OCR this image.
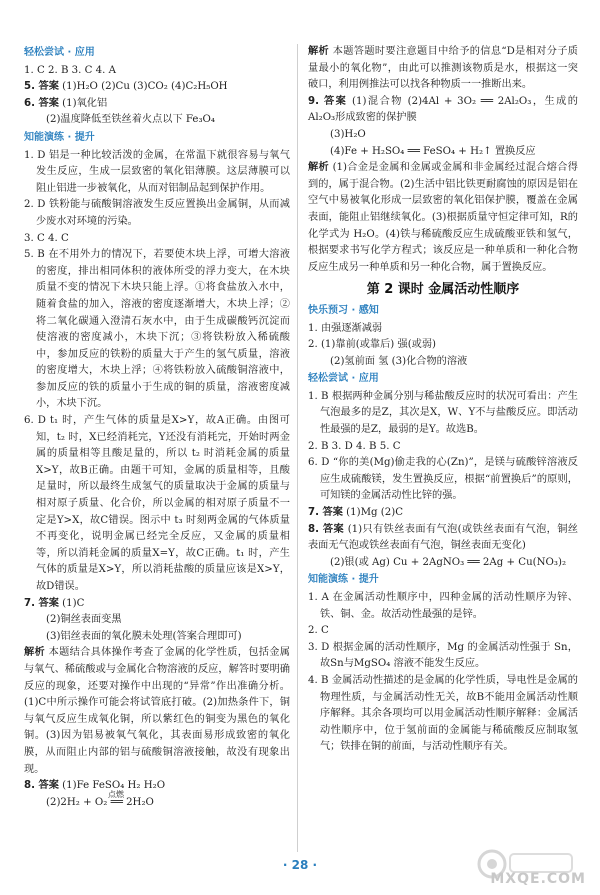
轻松尝试 · 应用

1. C 2. B 3. C 4. A

5. 答案 (1)H₂O (2)Cu (3)CO₂ (4)C₂H₅OH

6. 答案 (1)氧化铝

(2)温度降低至铁丝着火点以下 Fe₃O₄

知能演练 · 提升

1. D 铝是一种比较活泼的金属，在常温下就很容易与氧气发生反应，生成一层致密的氧化铝薄膜。这层薄膜可以阻止铝进一步被氧化，从而对铝制品起到保护作用。

2. D 铁粉能与硫酸铜溶液发生反应置换出金属铜，从而减少废水对环境的污染。

3. C 4. C

5. B 在不用外力的情况下，若要使木块上浮，可增大溶液的密度，排出相同体积的液体所受的浮力变大，在木块质量不变的情况下木块只能上浮。①将食盐放入水中，随着食盐的加入，溶液的密度逐渐增大，木块上浮；②将二氧化碳通入澄清石灰水中，由于生成碳酸钙沉淀而使溶液的密度减小，木块下沉；③将铁粉放入稀硫酸中，参加反应的铁粉的质量大于产生的氢气质量，溶液的密度增大，木块上浮；④将铁粉放入硫酸铜溶液中，参加反应的铁的质量小于生成的铜的质量，溶液密度减小，木块下沉。

6. D t₁ 时，产生气体的质量是X>Y，故A正确。由图可知，t₂ 时，X已经消耗完，Y还没有消耗完，开始时两金属的质量相等且酸足量的，所以 t₂ 时消耗金属的质量X>Y，故B正确。由题干可知，金属的质量相等，且酸足量时，所以最终生成氢气的质量取决于金属的质量与相对原子质量、化合价，所以金属的相对原子质量不一定是Y>X，故C错误。图示中 t₃ 时刻两金属的气体质量不再变化，说明金属已经完全反应，又金属的质量相等，所以消耗金属的质量X=Y，故C正确。t₁ 时，产生气体的质量是X>Y，所以消耗盐酸的质量应该是X>Y，故D错误。

7. 答案 (1)C

(2)铜丝表面变黑

(3)铝丝表面的氧化膜未处理(答案合理即可)

解析 本题结合具体操作考查了金属的化学性质，包括金属与氧气、稀硫酸或与金属化合物溶液的反应，解答时要明确反应的现象，还要对操作中出现的“异常”作出准确分析。(1)C中所示操作可能会将试管底打破。(2)加热条件下，铜与氧气反应生成氧化铜，所以紫红色的铜变为黑色的氧化铜。(3)因为铝易被氧气氧化，其表面易形成致密的氧化膜，从而阻止内部的铝与硫酸铜溶液接触，故没有现象出现。

8. 答案 (1)Fe FeSO₄ H₂ H₂O

点燃
(2)2H₂ + O₂ ══ 2H₂O

解析 本题答题时要注意题目中给予的信息“D是相对分子质量最小的氧化物”，由此可以推测该物质是水，根据这一突破口，利用例推法可以找各种物质一一推断出来。

9. 答案 (1)混合物 (2)4Al + 3O₂ ══ 2Al₂O₃，生成的Al₂O₃形成致密的保护膜

(3)H₂O

(4)Fe + H₂SO₄ ══ FeSO₄ + H₂↑ 置换反应

解析 (1)合金是金属和金属或金属和非金属经过混合熔合得到的，属于混合物。(2)生活中铝比铁更耐腐蚀的原因是铝在空气中易被氧化形成一层致密的氧化铝保护膜，覆盖在金属表面，能阻止铝继续氧化。(3)根据质量守恒定律可知，R的化学式为 H₂O。(4)铁与稀硫酸反应生成硫酸亚铁和氢气，根据要求书写化学方程式；该反应是一种单质和一种化合物反应生成另一种单质和另一种化合物，属于置换反应。

第 2 课时 金属活动性顺序
快乐预习 · 感知

1. 由强逐渐减弱

2. (1)靠前(或靠后) 强(或弱)

(2)氢前面 氢 (3)化合物的溶液

轻松尝试 · 应用

1. B 根据两种金属分别与稀盐酸反应时的状况可看出：产生气泡最多的是Z，其次是X，W、Y不与盐酸反应。即活动性最强的是Z，最弱的是Y。故选B。

2. B 3. D 4. B 5. C

6. D “你的美(Mg)偷走我的心(Zn)”，是镁与硫酸锌溶液反应生成硫酸镁，发生置换反应，根据“前置换后”的原则，可知镁的金属活动性比锌的强。

7. 答案 (1)Mg (2)C

8. 答案 (1)只有铁丝表面有气泡(或铁丝表面有气泡，铜丝表面无气泡或铁丝表面有气泡，铜丝表面无变化)

(2)银(或 Ag) Cu + 2AgNO₃ ══ 2Ag + Cu(NO₃)₂

知能演练 · 提升

1. A 在金属活动性顺序中，四种金属的活动性顺序为锌、铁、铜、金。故活动性最强的是锌。

2. C

3. D 根据金属的活动性顺序，Mg 的金属活动性强于 Sn，故Sn与MgSO₄ 溶液不能发生反应。

4. B 金属活动性描述的是金属的化学性质，导电性是金属的物理性质，与金属活动性无关，故B不能用金属活动性顺序解释。其余各项均可以用金属活动性顺序解释：金属活动性顺序中，位于氢前面的金属能与稀硫酸反应制取氢气；铁排在铜的前面，与活动性顺序有关。

· 28 ·
MXQE.COM
